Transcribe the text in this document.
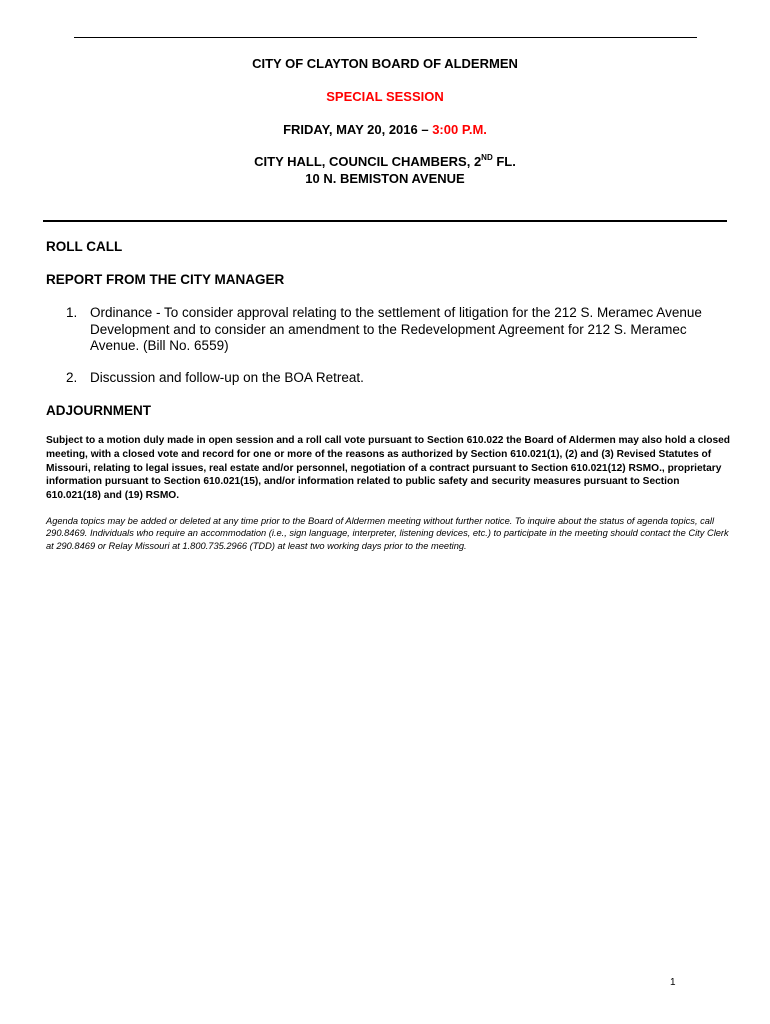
CITY OF CLAYTON BOARD OF ALDERMEN
SPECIAL SESSION
FRIDAY, MAY 20, 2016 – 3:00 P.M.
CITY HALL, COUNCIL CHAMBERS, 2ND FL.
10 N. BEMISTON AVENUE
ROLL CALL
REPORT FROM THE CITY MANAGER
1. Ordinance - To consider approval relating to the settlement of litigation for the 212 S. Meramec Avenue Development and to consider an amendment to the Redevelopment Agreement for 212 S. Meramec Avenue. (Bill No. 6559)
2. Discussion and follow-up on the BOA Retreat.
ADJOURNMENT
Subject to a motion duly made in open session and a roll call vote pursuant to Section 610.022 the Board of Aldermen may also hold a closed meeting, with a closed vote and record for one or more of the reasons as authorized by Section 610.021(1), (2) and (3) Revised Statutes of Missouri, relating to legal issues, real estate and/or personnel, negotiation of a contract pursuant to Section 610.021(12) RSMO., proprietary information pursuant to Section 610.021(15), and/or information related to public safety and security measures pursuant to Section 610.021(18) and (19) RSMO.
Agenda topics may be added or deleted at any time prior to the Board of Aldermen meeting without further notice. To inquire about the status of agenda topics, call 290.8469. Individuals who require an accommodation (i.e., sign language, interpreter, listening devices, etc.) to participate in the meeting should contact the City Clerk at 290.8469 or Relay Missouri at 1.800.735.2966 (TDD) at least two working days prior to the meeting.
1
